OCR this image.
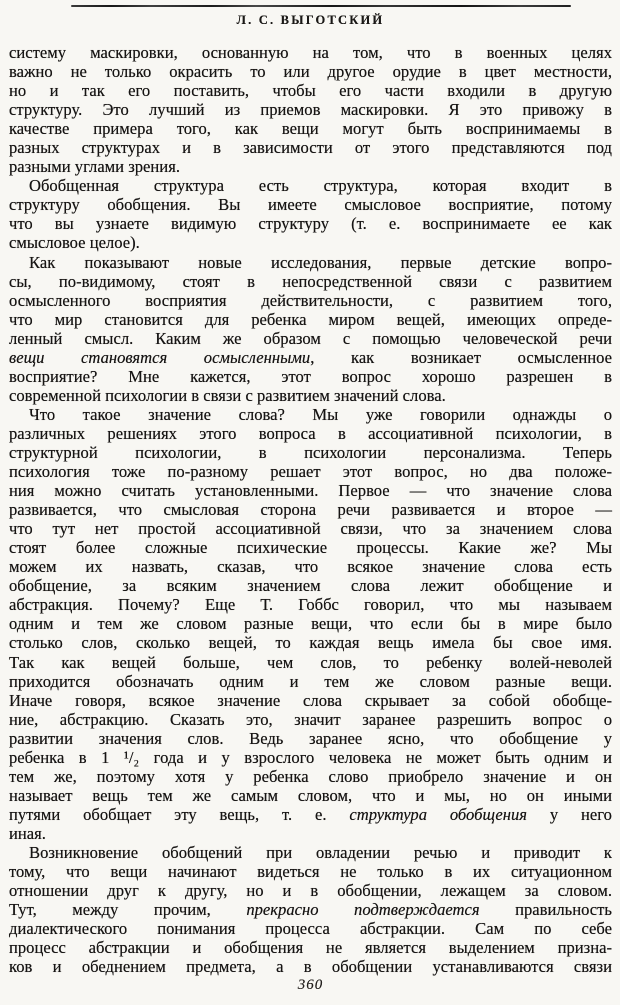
Л. С. ВЫГОТСКИЙ
систему маскировки, основанную на том, что в военных целях
важно не только окрасить то или другое орудие в цвет местности,
но и так его поставить, чтобы его части входили в другую
структуру. Это лучший из приемов маскировки. Я это привожу в
качестве примера того, как вещи могут быть воспринимаемы в
разных структурах и в зависимости от этого представляются под
разными углами зрения.
Обобщенная структура есть структура, которая входит в
структуру обобщения. Вы имеете смысловое восприятие, потому
что вы узнаете видимую структуру (т. е. воспринимаете ее как
смысловое целое).
Как показывают новые исследования, первые детские вопро-
сы, по-видимому, стоят в непосредственной связи с развитием
осмысленного восприятия действительности, с развитием того,
что мир становится для ребенка миром вещей, имеющих опреде-
ленный смысл. Каким же образом с помощью человеческой речи
вещи становятся осмысленными, как возникает осмысленное
восприятие? Мне кажется, этот вопрос хорошо разрешен в
современной психологии в связи с развитием значений слова.
Что такое значение слова? Мы уже говорили однажды о
различных решениях этого вопроса в ассоциативной психологии, в
структурной психологии, в психологии персонализма. Теперь
психология тоже по-разному решает этот вопрос, но два положе-
ния можно считать установленными. Первое — что значение слова
развивается, что смысловая сторона речи развивается и второе —
что тут нет простой ассоциативной связи, что за значением слова
стоят более сложные психические процессы. Какие же? Мы
можем их назвать, сказав, что всякое значение слова есть
обобщение, за всяким значением слова лежит обобщение и
абстракция. Почему? Еще Т. Гоббс говорил, что мы называем
одним и тем же словом разные вещи, что если бы в мире было
столько слов, сколько вещей, то каждая вещь имела бы свое имя.
Так как вещей больше, чем слов, то ребенку волей-неволей
приходится обозначать одним и тем же словом разные вещи.
Иначе говоря, всякое значение слова скрывает за собой обобще-
ние, абстракцию. Сказать это, значит заранее разрешить вопрос о
развитии значения слов. Ведь заранее ясно, что обобщение у
ребенка в 1 ¹/₂ года и у взрослого человека не может быть одним и
тем же, поэтому хотя у ребенка слово приобрело значение и он
называет вещь тем же самым словом, что и мы, но он иными
путями обобщает эту вещь, т. е. структура обобщения у него
иная.
Возникновение обобщений при овладении речью и приводит к
тому, что вещи начинают видеться не только в их ситуационном
отношении друг к другу, но и в обобщении, лежащем за словом.
Тут, между прочим, прекрасно подтверждается правильность
диалектического понимания процесса абстракции. Сам по себе
процесс абстракции и обобщения не является выделением призна-
ков и обеднением предмета, а в обобщении устанавливаются связи
360
